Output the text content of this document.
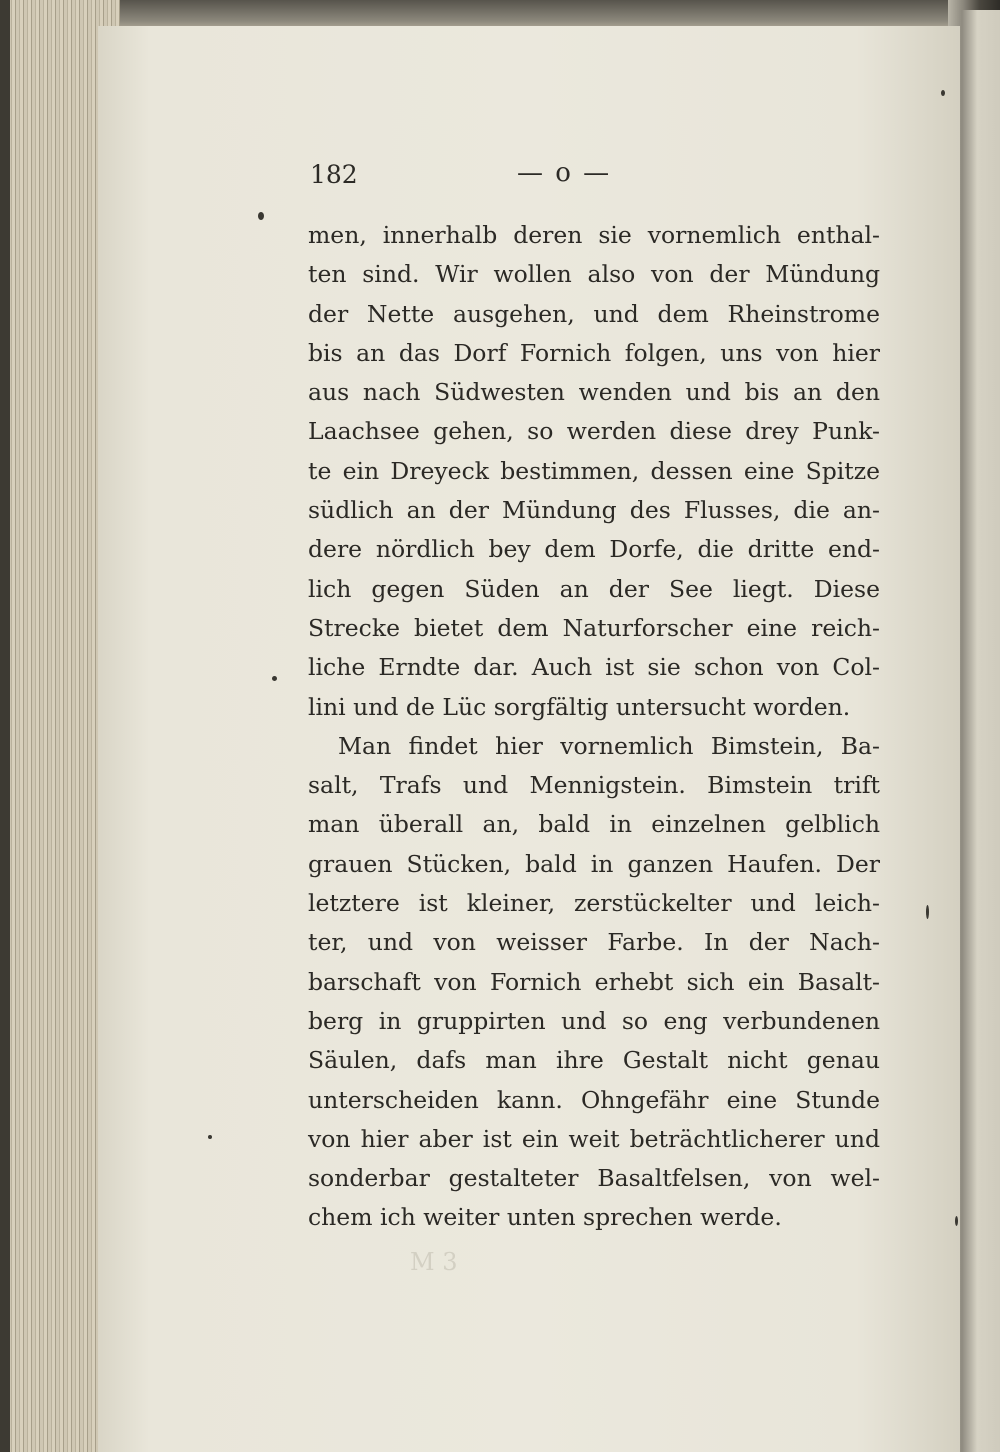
182	— o —
men, innerhalb deren sie vornemlich enthal-
ten sind. Wir wollen also von der Mündung
der Nette ausgehen, und dem Rheinstrome
bis an das Dorf Fornich folgen, uns von hier
aus nach Südwesten wenden und bis an den
Laachsee gehen, so werden diese drey Punk-
te ein Dreyeck bestimmen, dessen eine Spitze
südlich an der Mündung des Flusses, die an-
dere nördlich bey dem Dorfe, die dritte end-
lich gegen Süden an der See liegt. Diese
Strecke bietet dem Naturforscher eine reich-
liche Erndte dar. Auch ist sie schon von Col-
lini und de Lüc sorgfältig untersucht worden.
Man findet hier vornemlich Bimstein, Ba-
salt, Trafs und Mennigstein. Bimstein trift
man überall an, bald in einzelnen gelblich
grauen Stücken, bald in ganzen Haufen. Der
letztere ist kleiner, zerstückelter und leich-
ter, und von weisser Farbe. In der Nach-
barschaft von Fornich erhebt sich ein Basalt-
berg in gruppirten und so eng verbundenen
Säulen, dafs man ihre Gestalt nicht genau
unterscheiden kann. Ohngefähr eine Stunde
von hier aber ist ein weit beträchtlicherer und
sonderbar gestalteter Basaltfelsen, von wel-
chem ich weiter unten sprechen werde.
M 3
